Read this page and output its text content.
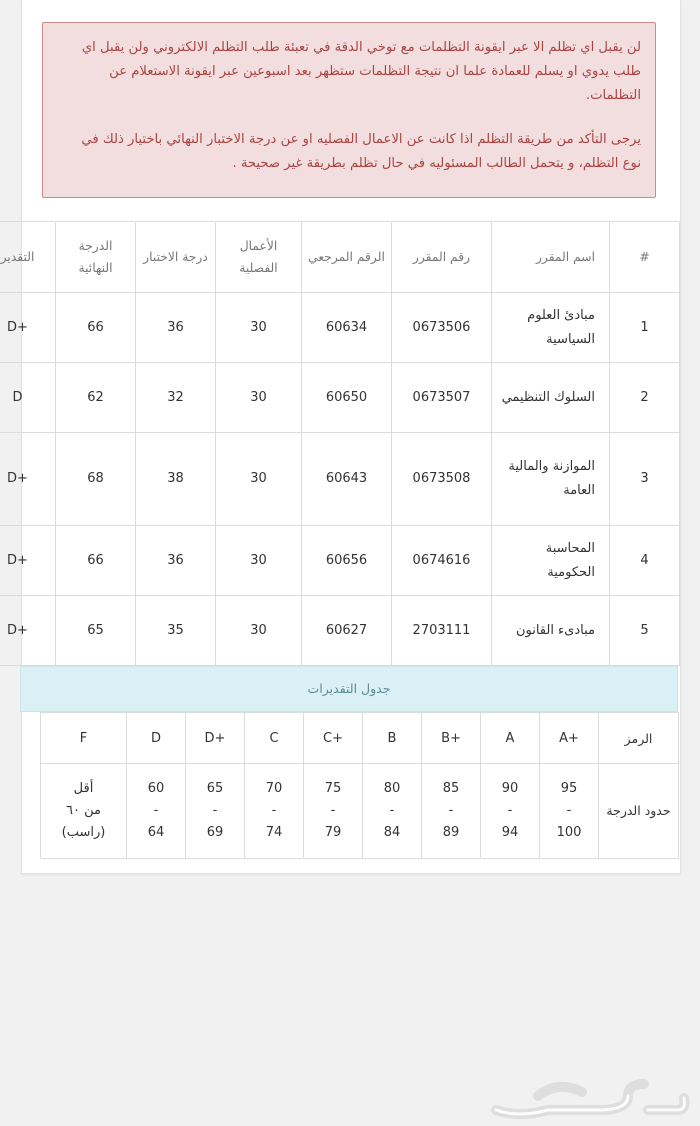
لن يقبل اي تظلم الا عبر ايقونة التظلمات مع توخي الدقة في تعبئة طلب التظلم الالكتروني ولن يقبل اي طلب يدوي او يسلم للعمادة علما ان نتيجة التظلمات ستظهر بعد اسبوعين عبر ايقونة الاستعلام عن التظلمات.

يرجى التأكد من طريقة التظلم اذا كانت عن الاعمال الفصليه او عن درجة الاختبار النهائي باختيار ذلك في نوع التظلم، و يتحمل الطالب المسئوليه في حال تظلم بطريقة غير صحيحة .

#	اسم المقرر	رقم المقرر	الرقم المرجعي	الأعمال الفصلية	درجة الاختبار	الدرجة النهائية	التقدير
1	مبادئ العلوم السياسية	0673506	60634	30	36	66	D+
2	السلوك التنظيمي	0673507	60650	30	32	62	D
3	الموازنة والمالية العامة	0673508	60643	30	38	68	D+
4	المحاسبة الحكومية	0674616	60656	30	36	66	D+
5	مبادىء القانون	2703111	60627	30	35	65	D+
جدول التقديرات
الرمز	A+	A	B+	B	C+	C	D+	D	F
حدود الدرجة	95
-
100	90
-
94	85
-
89	80
-
84	75
-
79	70
-
74	65
-
69	60
-
64	أقل
من ٦٠
(راسب)
